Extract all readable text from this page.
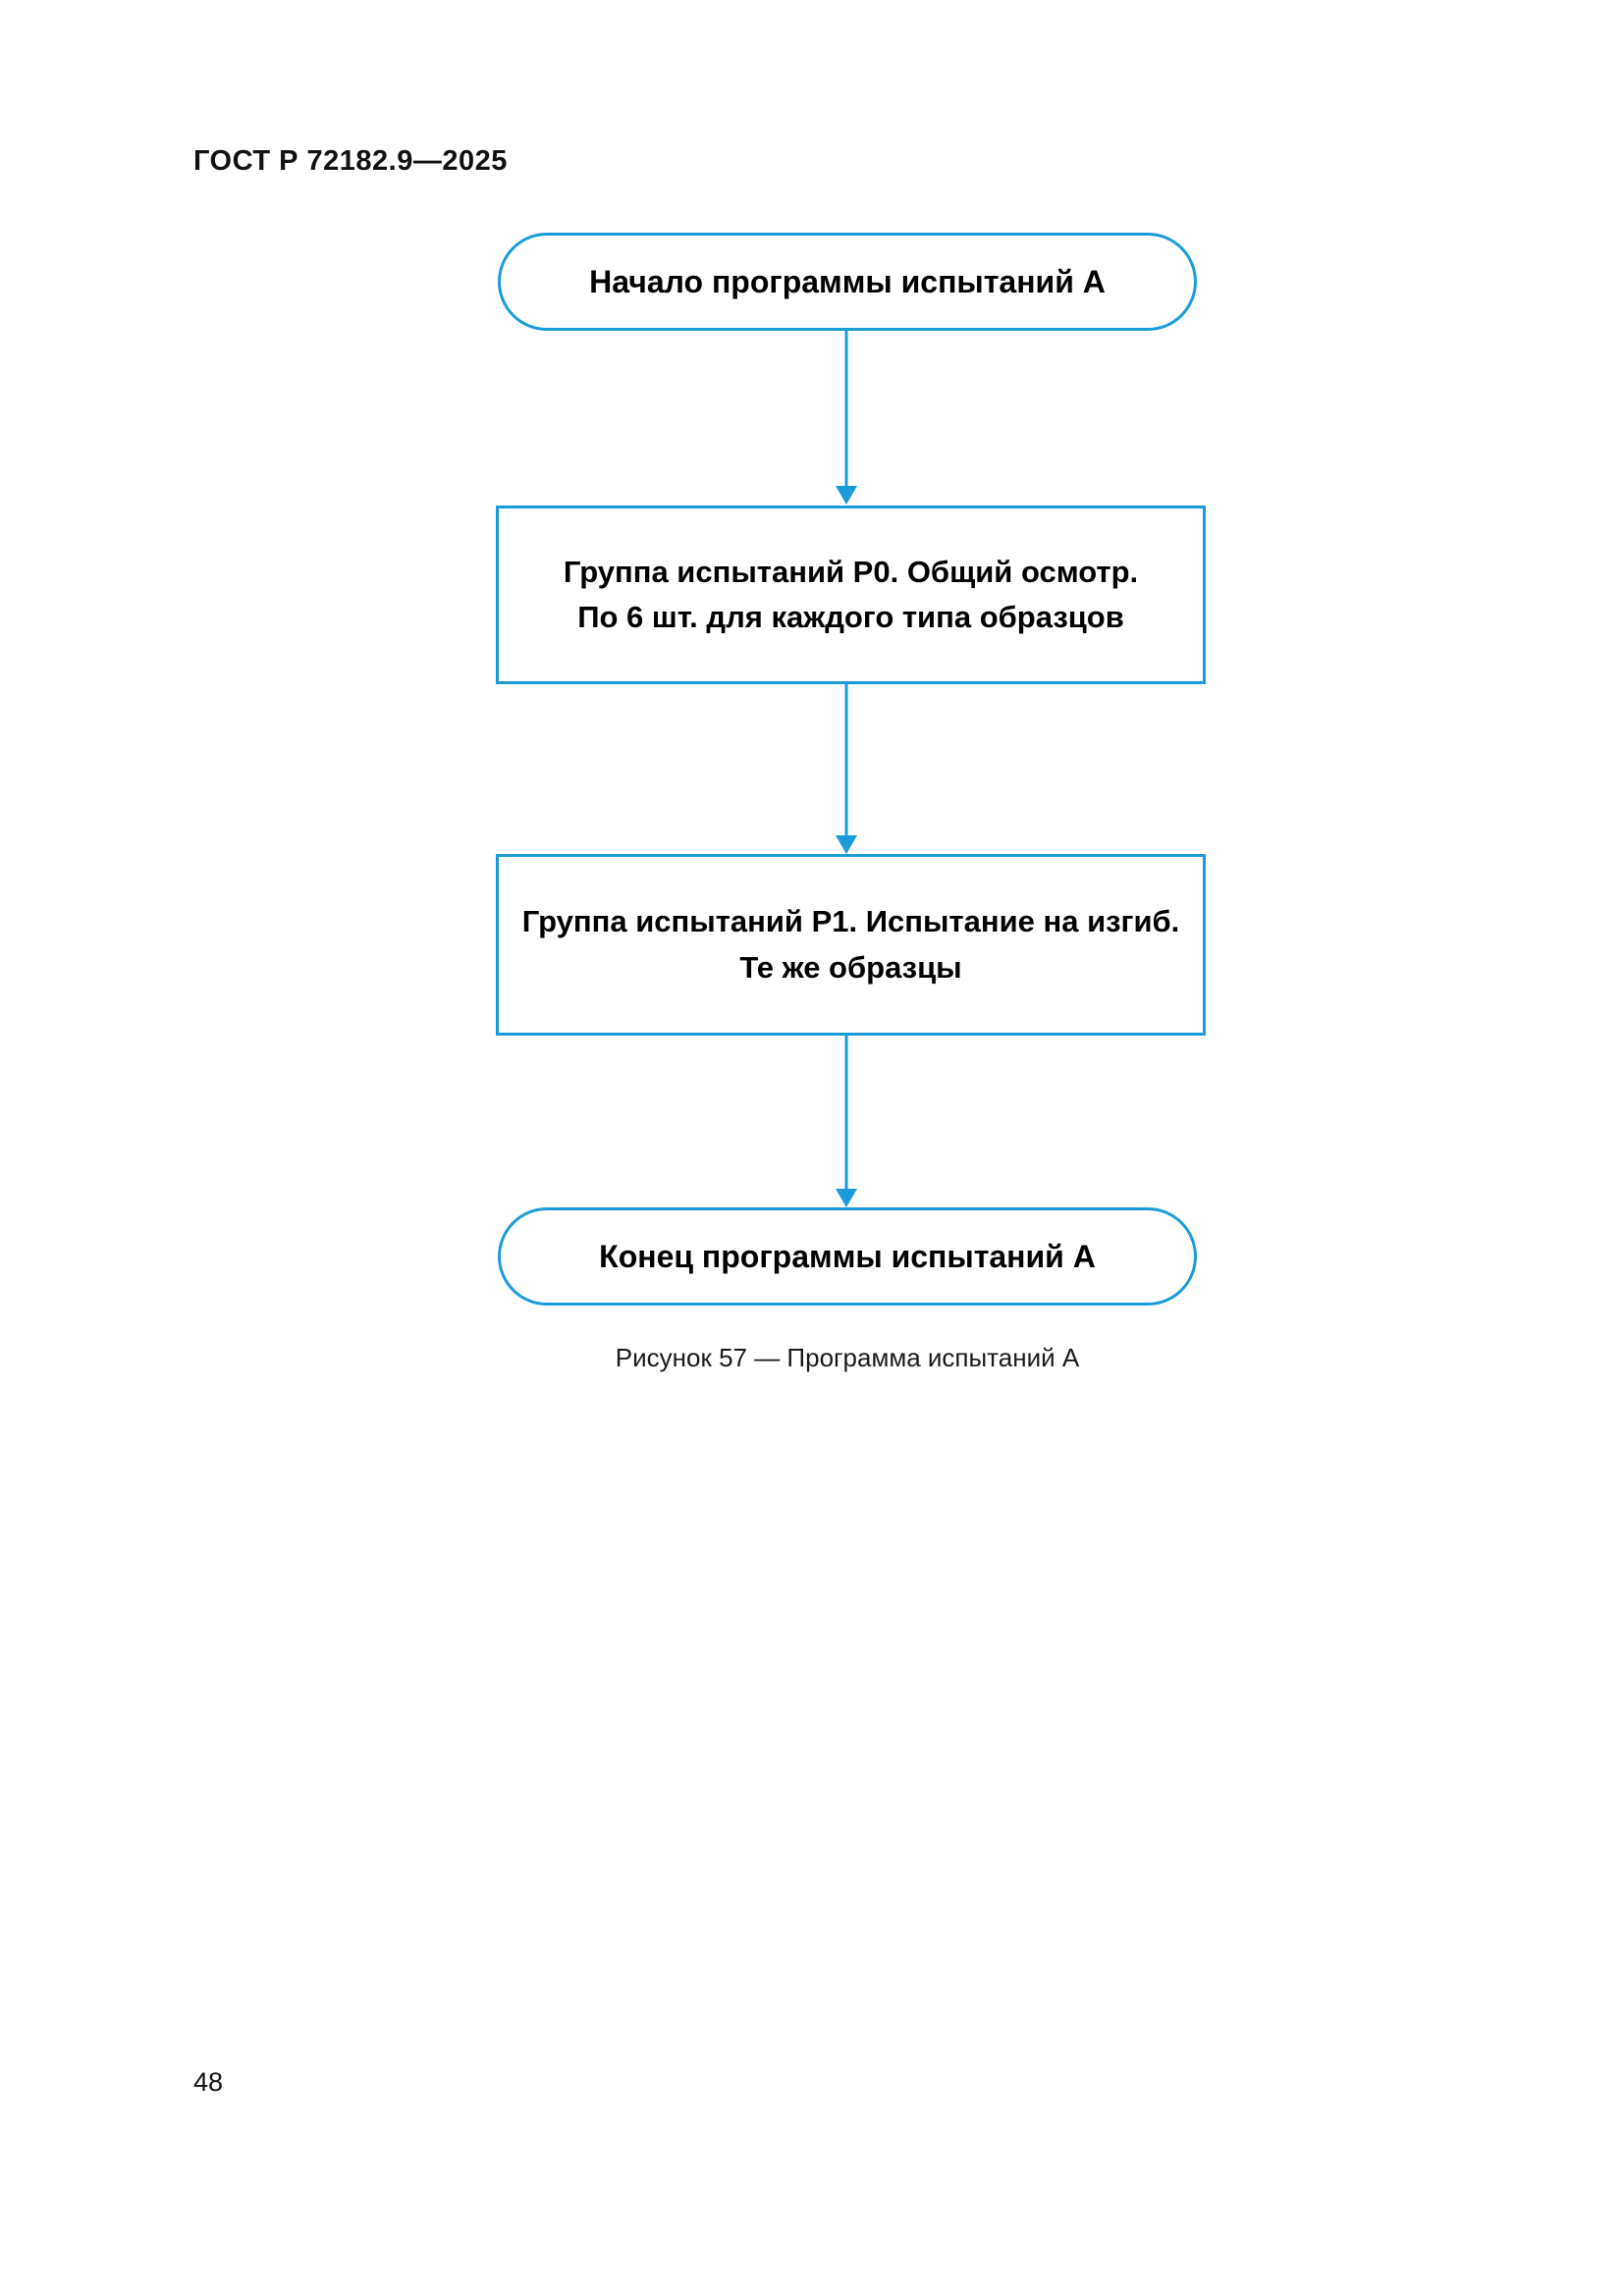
ГОСТ Р 72182.9—2025
Начало программы испытаний А
Группа испытаний Р0. Общий осмотр.
По 6 шт. для каждого типа образцов
Группа испытаний Р1. Испытание на изгиб.
Те же образцы
Конец программы испытаний А
Рисунок 57 — Программа испытаний А
48
